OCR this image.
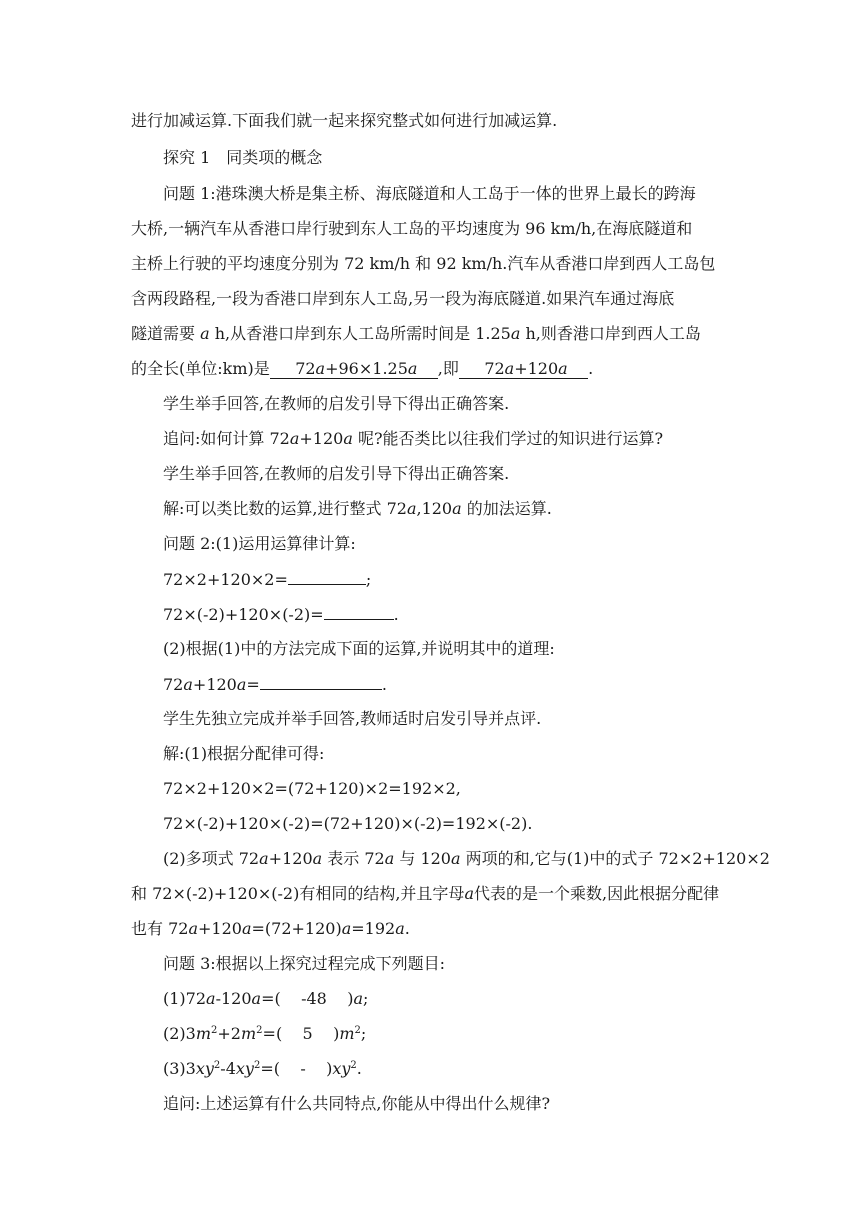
进行加减运算.下面我们就一起来探究整式如何进行加减运算.
探究 1　同类项的概念
问题 1:港珠澳大桥是集主桥、海底隧道和人工岛于一体的世界上最长的跨海
大桥,一辆汽车从香港口岸行驶到东人工岛的平均速度为 96 km/h,在海底隧道和
主桥上行驶的平均速度分别为 72 km/h 和 92 km/h.汽车从香港口岸到西人工岛包
含两段路程,一段为香港口岸到东人工岛,另一段为海底隧道.如果汽车通过海底
隧道需要 a h,从香港口岸到东人工岛所需时间是 1.25a h,则香港口岸到西人工岛
的全长(单位:km)是 72a+96×1.25a ,即 72a+120a .
学生举手回答,在教师的启发引导下得出正确答案.
追问:如何计算 72a+120a 呢?能否类比以往我们学过的知识进行运算?
学生举手回答,在教师的启发引导下得出正确答案.
解:可以类比数的运算,进行整式 72a,120a 的加法运算.
问题 2:(1)运用运算律计算:
72×2+120×2=	;
72×(-2)+120×(-2)=	.
(2)根据(1)中的方法完成下面的运算,并说明其中的道理:
72a+120a=	.
学生先独立完成并举手回答,教师适时启发引导并点评.
解:(1)根据分配律可得:
72×2+120×2=(72+120)×2=192×2,
72×(-2)+120×(-2)=(72+120)×(-2)=192×(-2).
(2)多项式 72a+120a 表示 72a 与 120a 两项的和,它与(1)中的式子 72×2+120×2
和 72×(-2)+120×(-2)有相同的结构,并且字母a代表的是一个乘数,因此根据分配律
也有 72a+120a=(72+120)a=192a.
问题 3:根据以上探究过程完成下列题目:
(1)72a-120a=( -48 )a;
$(2)3m^2+2m^2=$( 5 )$m^2$;
$(3)3xy^2-4xy^2=( - )xy^2$.
追问:上述运算有什么共同特点,你能从中得出什么规律?
